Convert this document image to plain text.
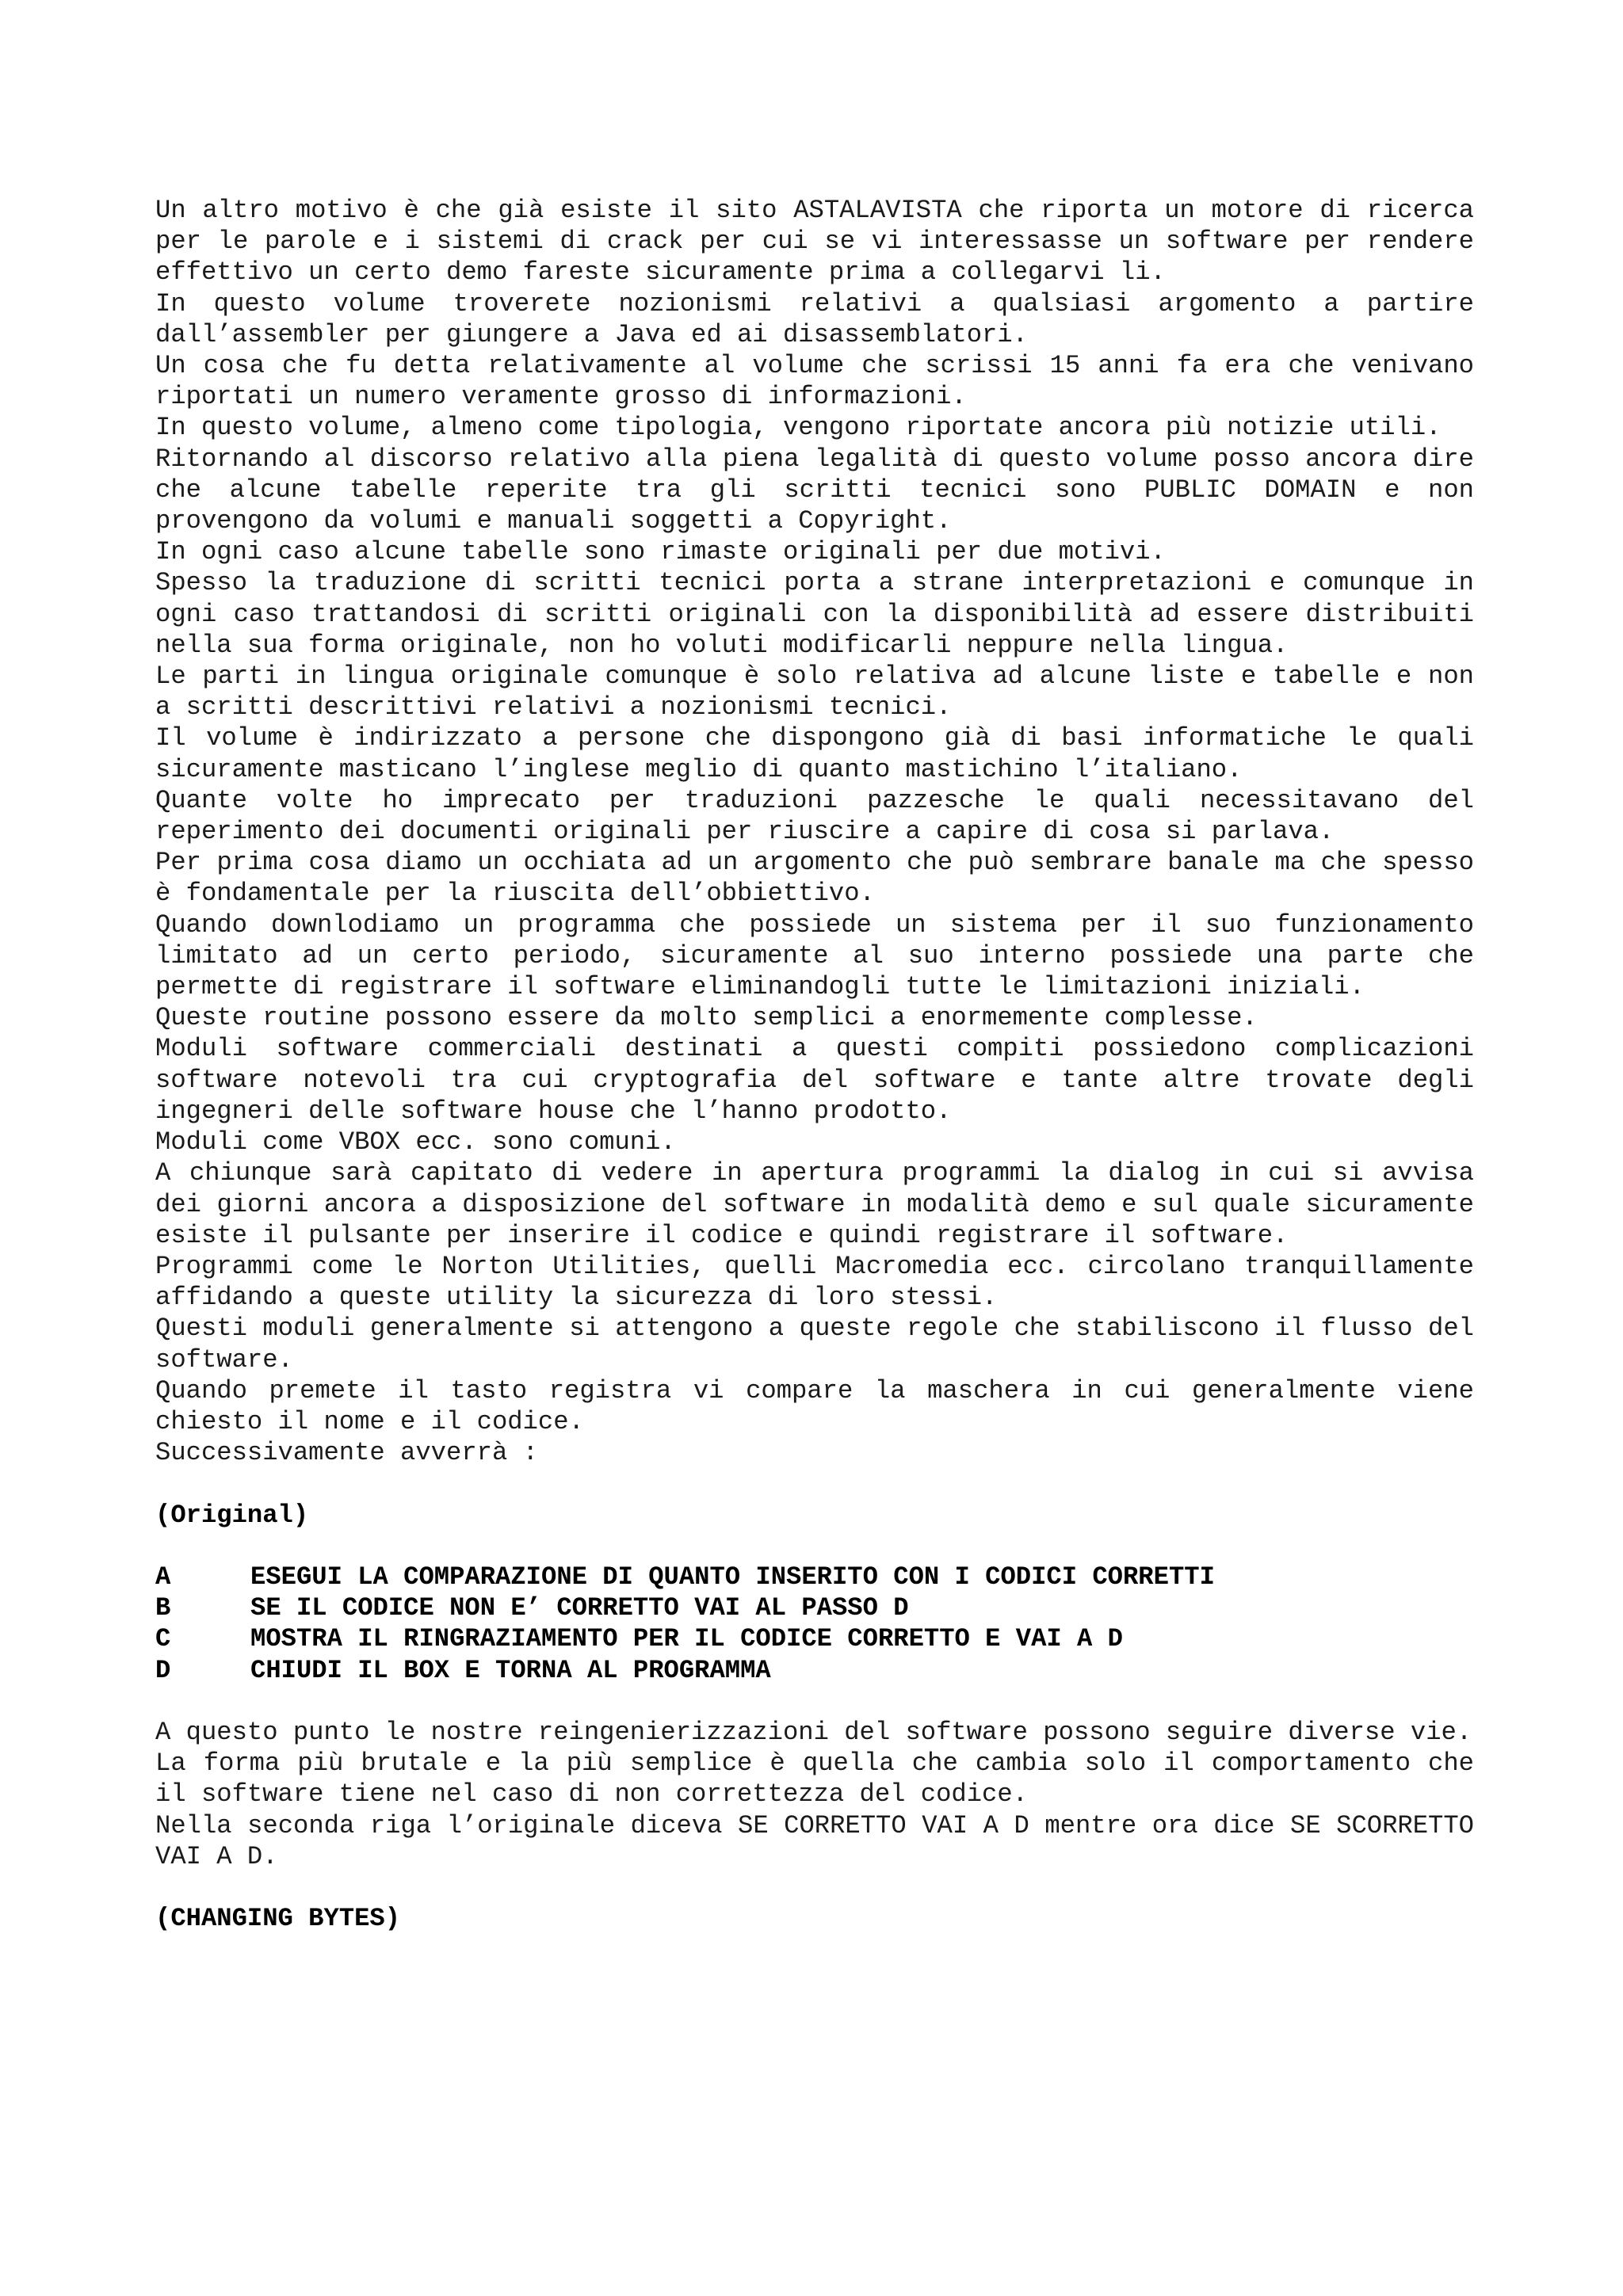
Un altro motivo è che già esiste il sito ASTALAVISTA che riporta un motore di ricerca per le parole e i sistemi di crack per cui se vi interessasse un software per rendere effettivo un certo demo fareste sicuramente prima a collegarvi li.

In questo volume troverete nozionismi relativi a qualsiasi argomento a partire dall’assembler per giungere a Java ed ai disassemblatori.

Un cosa che fu detta relativamente al volume che scrissi 15 anni fa era che venivano riportati un numero veramente grosso di informazioni.

In questo volume, almeno come tipologia, vengono riportate ancora più notizie utili.

Ritornando al discorso relativo alla piena legalità di questo volume posso ancora dire che alcune tabelle reperite tra gli scritti tecnici sono PUBLIC DOMAIN e non provengono da volumi e manuali soggetti a Copyright.

In ogni caso alcune tabelle sono rimaste originali per due motivi.

Spesso la traduzione di scritti tecnici porta a strane interpretazioni e comunque in ogni caso trattandosi di scritti originali con la disponibilità ad essere distribuiti nella sua forma originale, non ho voluti modificarli neppure nella lingua.

Le parti in lingua originale comunque è solo relativa ad alcune liste e tabelle e non a scritti descrittivi relativi a nozionismi tecnici.

Il volume è indirizzato a persone che dispongono già di basi informatiche le quali sicuramente masticano l’inglese meglio di quanto mastichino l’italiano.

Quante volte ho imprecato per traduzioni pazzesche le quali necessitavano del reperimento dei documenti originali per riuscire a capire di cosa si parlava.

Per prima cosa diamo un occhiata ad un argomento che può sembrare banale ma che spesso è fondamentale per la riuscita dell’obbiettivo.

Quando downlodiamo un programma che possiede un sistema per il suo funzionamento limitato ad un certo periodo, sicuramente al suo interno possiede una parte che permette di registrare il software eliminandogli tutte le limitazioni iniziali.

Queste routine possono essere da molto semplici a enormemente complesse.

Moduli software commerciali destinati a questi compiti possiedono complicazioni software notevoli tra cui cryptografia del software e tante altre trovate degli ingegneri delle software house che l’hanno prodotto.

Moduli come VBOX ecc. sono comuni.

A chiunque sarà capitato di vedere in apertura programmi la dialog in cui si avvisa dei giorni ancora a disposizione del software in modalità demo e sul quale sicuramente esiste il pulsante per inserire il codice e quindi registrare il software.

Programmi come le Norton Utilities, quelli Macromedia ecc. circolano tranquillamente affidando a queste utility la sicurezza di loro stessi.

Questi moduli generalmente si attengono a queste regole che stabiliscono il flusso del software.

Quando premete il tasto registra vi compare la maschera in cui generalmente viene chiesto il nome e il codice.

Successivamente avverrà :

(Original)

A	ESEGUI LA COMPARAZIONE DI QUANTO INSERITO CON I CODICI CORRETTI
B	SE IL CODICE NON E’ CORRETTO VAI AL PASSO D
C	MOSTRA IL RINGRAZIAMENTO PER IL CODICE CORRETTO E VAI A D
D	CHIUDI IL BOX E TORNA AL PROGRAMMA

A questo punto le nostre reingenierizzazioni del software possono seguire diverse vie.

La forma più brutale e la più semplice è quella che cambia solo il comportamento che il software tiene nel caso di non correttezza del codice.

Nella seconda riga l’originale diceva SE CORRETTO VAI A D mentre ora dice SE SCORRETTO VAI A D.

(CHANGING BYTES)
